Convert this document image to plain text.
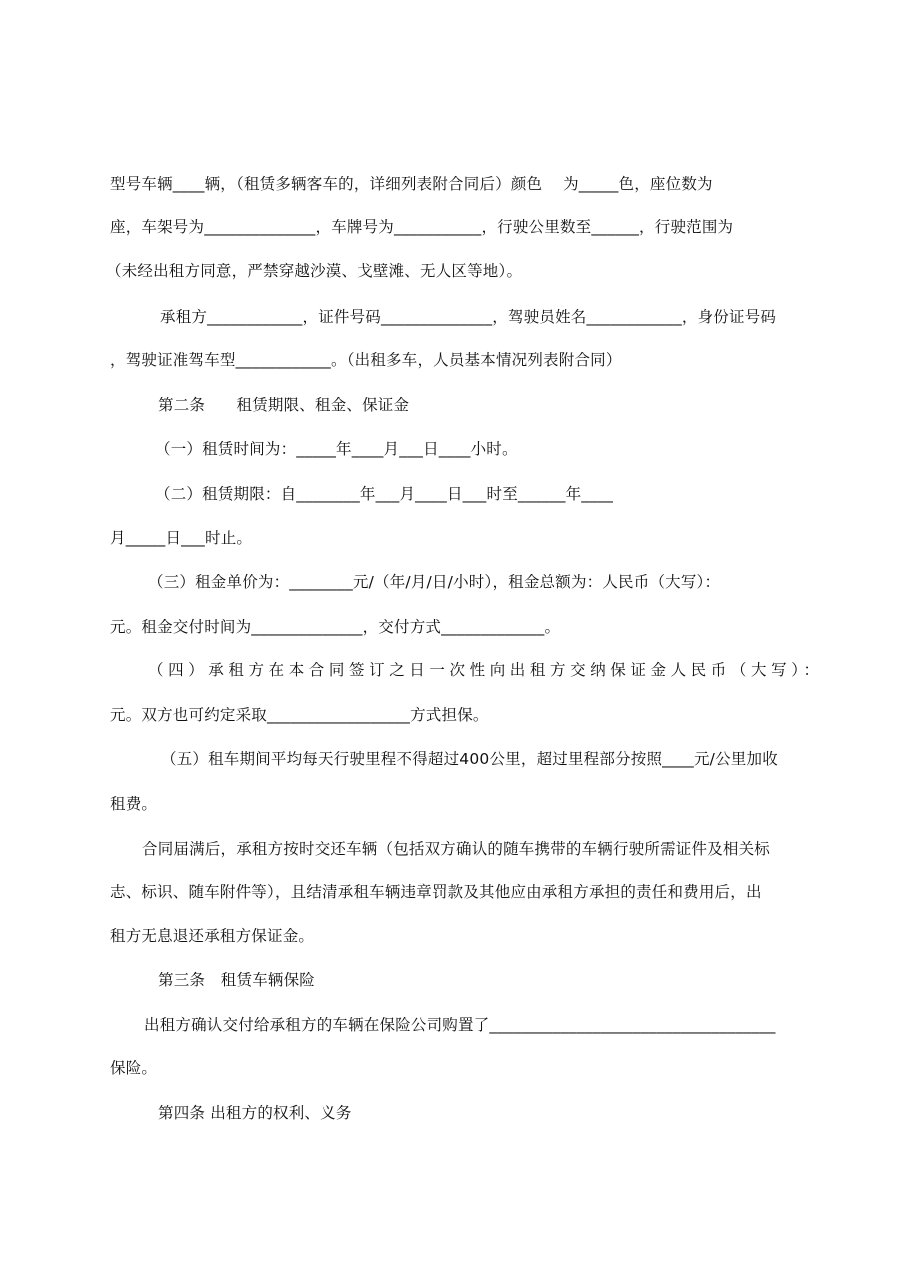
型号车辆____辆，（租赁多辆客车的，详细列表附合同后）颜色　 为_____色，座位数为
座，车架号为______________，车牌号为___________，行驶公里数至______，行驶范围为
（未经出租方同意，严禁穿越沙漠、戈壁滩、无人区等地）。
承租方____________，证件号码______________，驾驶员姓名____________，身份证号码
，驾驶证准驾车型____________。（出租多车，人员基本情况列表附合同）
第二条　　租赁期限、租金、保证金
（一）租赁时间为：_____年____月___日____小时。
（二）租赁期限：自________年___月____日___时至______年____
月_____日___时止。
（三）租金单价为：________元/（年/月/日/小时），租金总额为：人民币（大写）：
元。租金交付时间为______________，交付方式_____________。
（四）承租方在本合同签订之日一次性向出租方交纳保证金人民币（大写）：
元。双方也可约定采取__________________方式担保。
（五）租车期间平均每天行驶里程不得超过400公里，超过里程部分按照____元/公里加收
租费。
合同届满后，承租方按时交还车辆（包括双方确认的随车携带的车辆行驶所需证件及相关标
志、标识、随车附件等），且结清承租车辆违章罚款及其他应由承租方承担的责任和费用后，出
租方无息退还承租方保证金。
第三条　租赁车辆保险
出租方确认交付给承租方的车辆在保险公司购置了____________________________________
保险。
第四条 出租方的权利、义务
